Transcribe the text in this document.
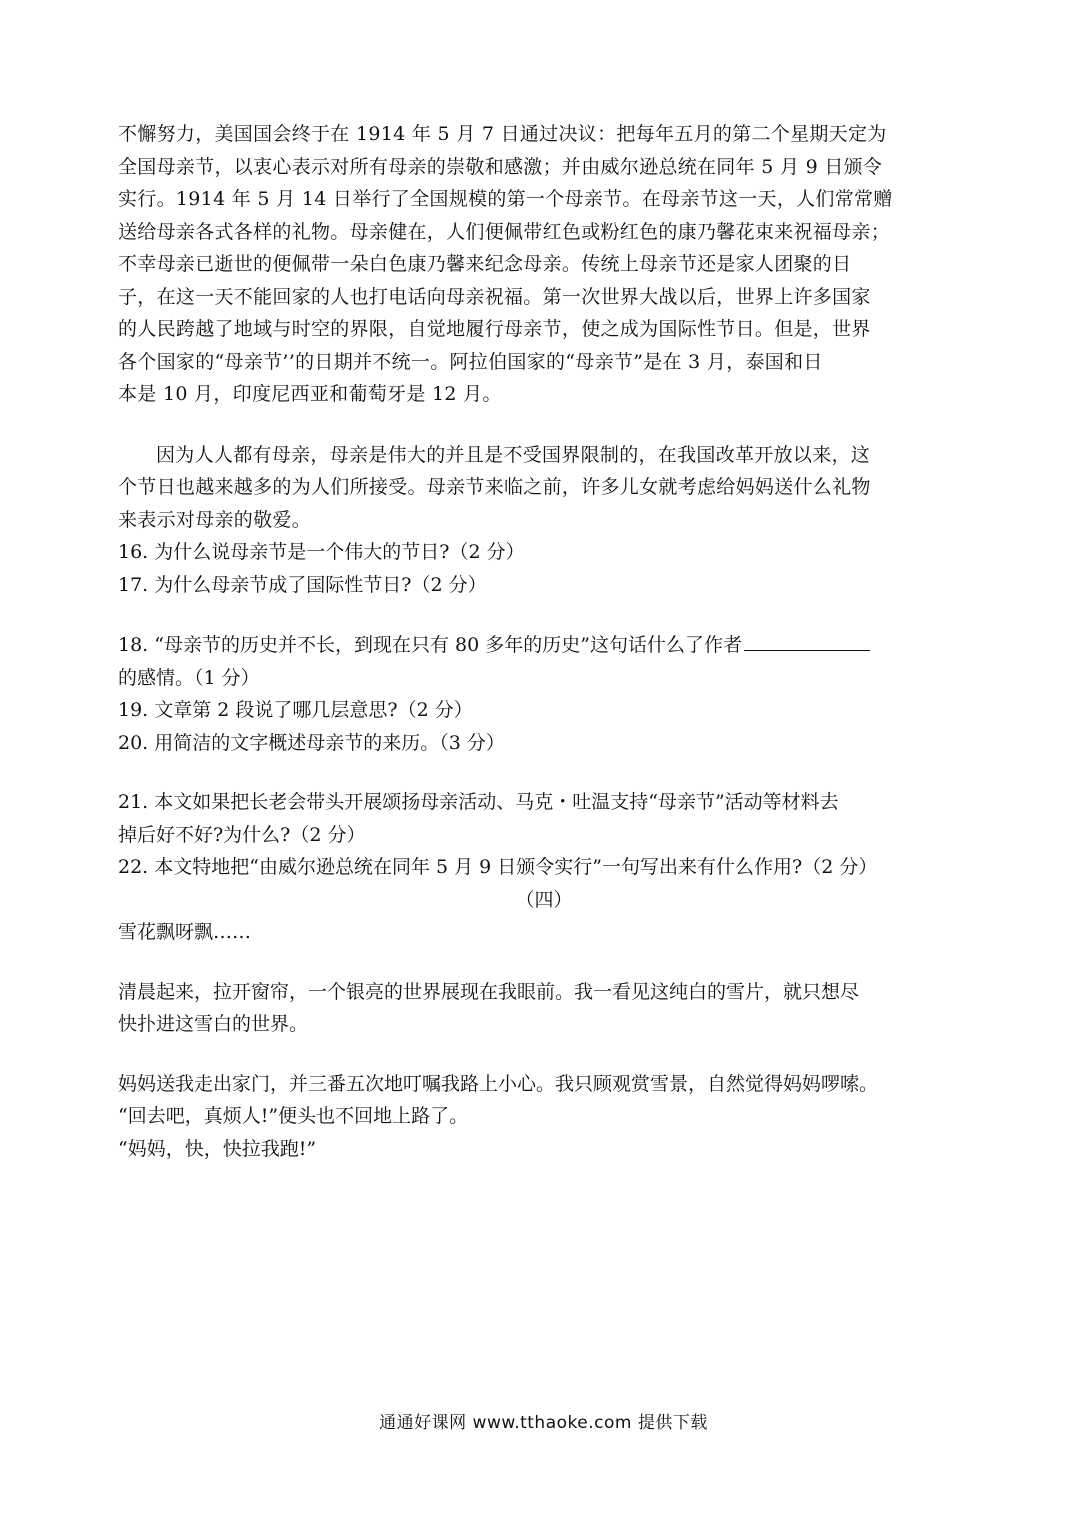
不懈努力，美国国会终于在 1914 年 5 月 7 日通过决议：把每年五月的第二个星期天定为
全国母亲节，以衷心表示对所有母亲的崇敬和感激；并由威尔逊总统在同年 5 月 9 日颁令
实行。1914 年 5 月 14 日举行了全国规模的第一个母亲节。在母亲节这一天，人们常常赠
送给母亲各式各样的礼物。母亲健在，人们便佩带红色或粉红色的康乃馨花束来祝福母亲；
不幸母亲已逝世的便佩带一朵白色康乃馨来纪念母亲。传统上母亲节还是家人团聚的日
子，在这一天不能回家的人也打电话向母亲祝福。第一次世界大战以后，世界上许多国家
的人民跨越了地域与时空的界限，自觉地履行母亲节，使之成为国际性节日。但是，世界
各个国家的“母亲节’’的日期并不统一。阿拉伯国家的“母亲节”是在 3 月，泰国和日
本是 10 月，印度尼西亚和葡萄牙是 12 月。

因为人人都有母亲，母亲是伟大的并且是不受国界限制的，在我国改革开放以来，这
个节日也越来越多的为人们所接受。母亲节来临之前，许多儿女就考虑给妈妈送什么礼物
来表示对母亲的敬爱。

16. 为什么说母亲节是一个伟大的节日?（2 分）

17. 为什么母亲节成了国际性节日?（2 分）

18. “母亲节的历史并不长，到现在只有 80 多年的历史”这句话什么了作者

的感情。（1 分）

19. 文章第 2 段说了哪几层意思?（2 分）

20. 用简洁的文字概述母亲节的来历。（3 分）

21. 本文如果把长老会带头开展颂扬母亲活动、马克・吐温支持“母亲节”活动等材料去

掉后好不好?为什么?（2 分）

22. 本文特地把“由威尔逊总统在同年 5 月 9 日颁令实行”一句写出来有什么作用?（2 分）

（四）

雪花飘呀飘……

清晨起来，拉开窗帘，一个银亮的世界展现在我眼前。我一看见这纯白的雪片，就只想尽

快扑进这雪白的世界。

妈妈送我走出家门，并三番五次地叮嘱我路上小心。我只顾观赏雪景，自然觉得妈妈啰嗦。

“回去吧，真烦人!”便头也不回地上路了。

“妈妈，快，快拉我跑!”

通通好课网 www.tthaoke.com 提供下载
